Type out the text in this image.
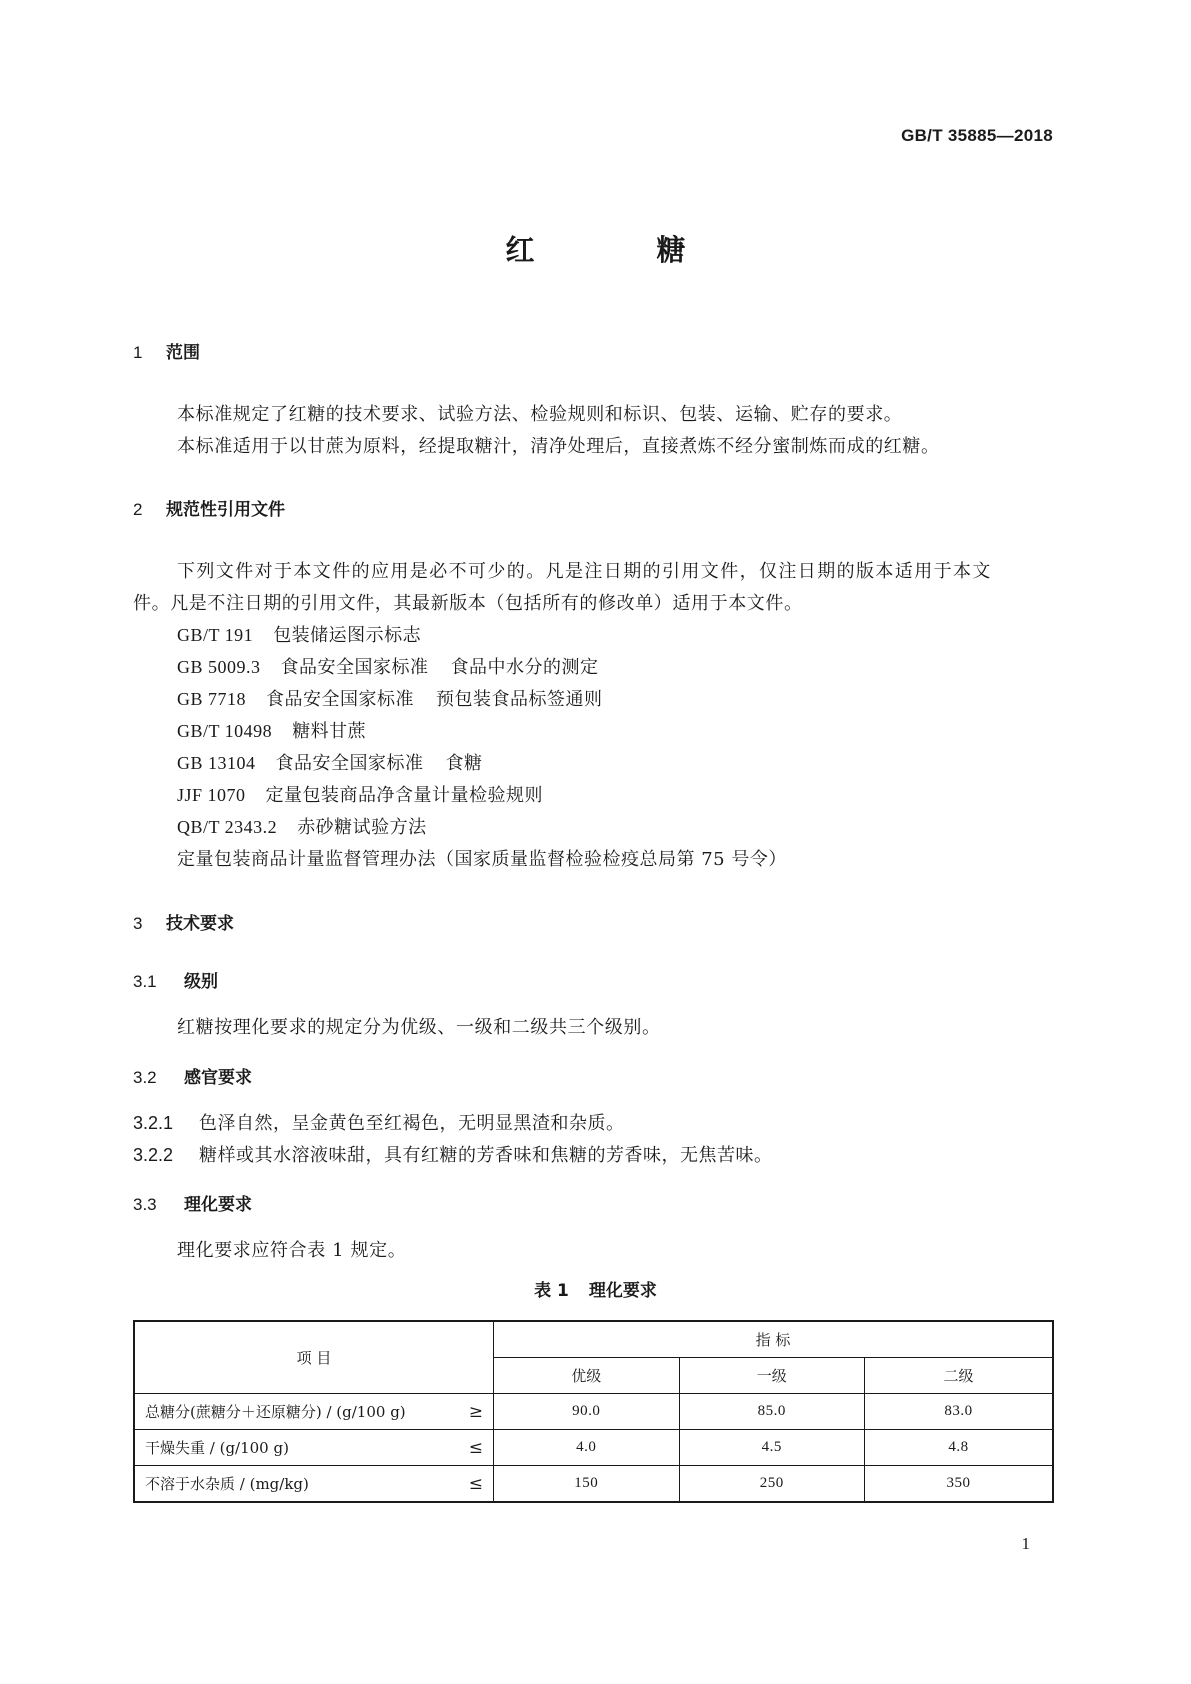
GB/T 35885—2018
红	糖
1 范围
本标准规定了红糖的技术要求、试验方法、检验规则和标识、包装、运输、贮存的要求。
本标准适用于以甘蔗为原料，经提取糖汁，清净处理后，直接煮炼不经分蜜制炼而成的红糖。
2 规范性引用文件
下列文件对于本文件的应用是必不可少的。凡是注日期的引用文件，仅注日期的版本适用于本文
件。凡是不注日期的引用文件，其最新版本（包括所有的修改单）适用于本文件。
GB/T 191 包装储运图示标志
GB 5009.3 食品安全国家标准 食品中水分的测定
GB 7718 食品安全国家标准 预包装食品标签通则
GB/T 10498 糖料甘蔗
GB 13104 食品安全国家标准 食糖
JJF 1070 定量包装商品净含量计量检验规则
QB/T 2343.2 赤砂糖试验方法
定量包装商品计量监督管理办法（国家质量监督检验检疫总局第 75 号令）
3 技术要求
3.1 级别
红糖按理化要求的规定分为优级、一级和二级共三个级别。
3.2 感官要求
3.2.1 色泽自然，呈金黄色至红褐色，无明显黑渣和杂质。
3.2.2 糖样或其水溶液味甜，具有红糖的芳香味和焦糖的芳香味，无焦苦味。
3.3 理化要求
理化要求应符合表 1 规定。
表 1 理化要求
项 目	指 标		
	优级	一级	二级
总糖分(蔗糖分＋还原糖分) / (g/100 g) ≥	90.0	85.0	83.0
干燥失重 / (g/100 g) ≤	4.0	4.5	4.8
不溶于水杂质 / (mg/kg) ≤	150	250	350
1
